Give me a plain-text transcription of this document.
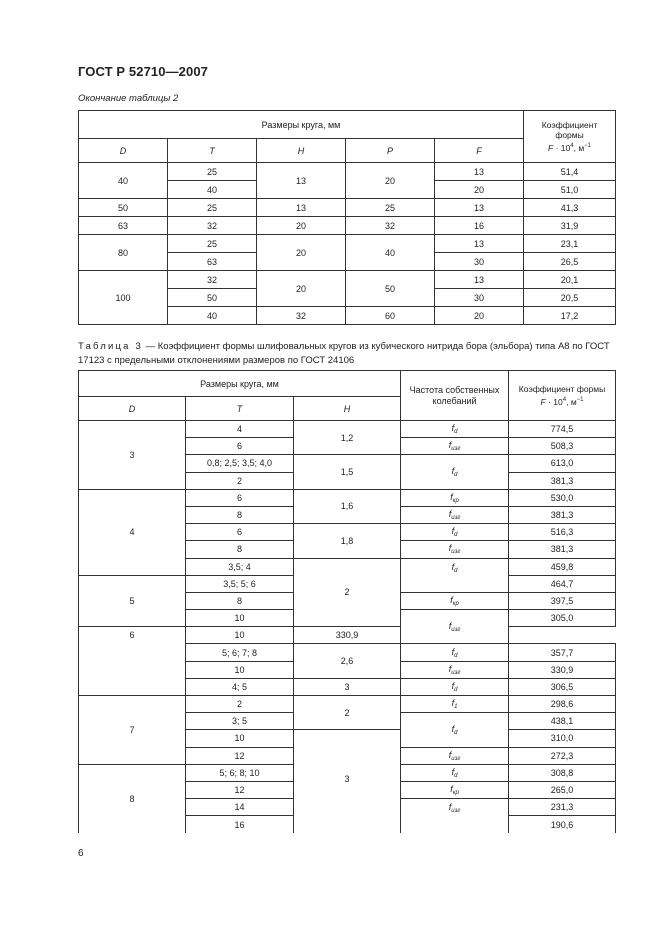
ГОСТ Р 52710—2007
Окончание таблицы 2
Размеры круга, мм					Коэффициент
формы
$F \cdot 10^4$, $м^{-1}$
D	T	H	P	F	
40	25	13	20	13	51,4
	40			20	51,0
50	25	13	25	13	41,3
63	32	20	32	16	31,9
80	25	20	40	13	23,1
	63			30	26,5
100	32	20	50	13	20,1
	50			30	20,5
	40	32	60	20	17,2
Таблица 3 — Коэффициент формы шлифовальных кругов из кубического нитрида бора (эльбора) типа А8 по ГОСТ 17123 с предельными отклонениями размеров по ГОСТ 24106
Размеры круга, мм			Частота собственных
колебаний	Коэффициент формы
$F \cdot 10^4$, $м^{-1}$
D	T	H		
3	4	1,2	$f_d$	774,5
	6		$f_{изг}$	508,3
	0,8; 2,5; 3,5; 4,0	1,5	$f_d$	613,0
	2			381,3
4	6	1,6	$f_{кр}$	530,0
	8		$f_{изг}$	381,3
	6	1,8	$f_d$	516,3
	8		$f_{изг}$	381,3
	3,5; 4	2	$f_d$	459,8
5	3,5; 5; 6			464,7
	8		$f_{кр}$	397,5
	10		$f_{изг}$	305,0
6	10	330,9		
	5; 6; 7; 8	2,6	$f_d$	357,7
	10		$f_{изг}$	330,9
	4; 5	3	$f_d$	306,5
7	2	2	$f_1$	298,6
	3; 5		$f_d$	438,1
	10	3		310,0
	12		$f_{изг}$	272,3
8	5; 6; 8; 10		$f_d$	308,8
	12		$f_{кр}$	265,0
	14		$f_{изг}$	231,3
	16			190,6
6
